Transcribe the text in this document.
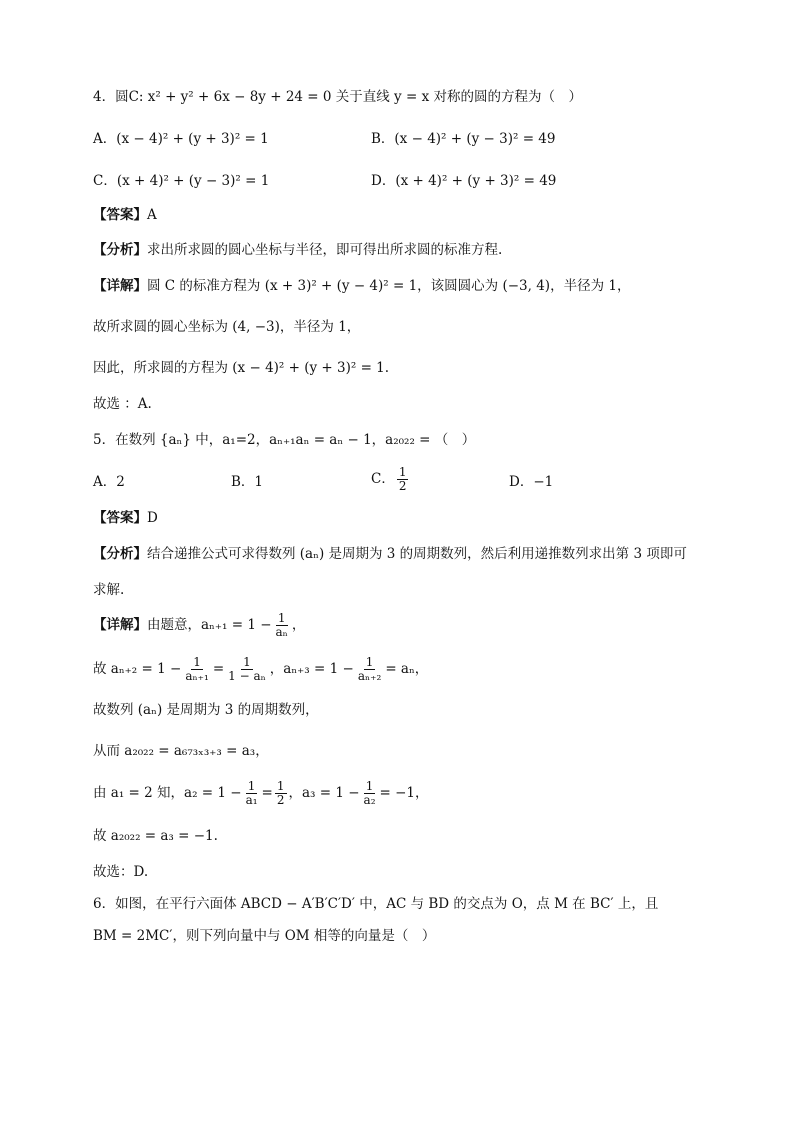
4．圆C: x² + y² + 6x − 8y + 24 = 0 关于直线 y = x 对称的圆的方程为（　）
A．(x − 4)² + (y + 3)² = 1	B．(x − 4)² + (y − 3)² = 49
C．(x + 4)² + (y − 3)² = 1	D．(x + 4)² + (y + 3)² = 49
【答案】A
【分析】求出所求圆的圆心坐标与半径，即可得出所求圆的标准方程.
【详解】圆 C 的标准方程为 (x + 3)² + (y − 4)² = 1，该圆圆心为 (−3, 4)，半径为 1，
故所求圆的圆心坐标为 (4, −3)，半径为 1，
因此，所求圆的方程为 (x − 4)² + (y + 3)² = 1.
故选 ：A.
5．在数列 {aₙ} 中，a₁=2，aₙ₊₁aₙ = aₙ − 1，a₂₀₂₂ = （　）
A．2	B．1	C． $\frac{1}{2}$	D．−1
【答案】D
【分析】结合递推公式可求得数列 (aₙ) 是周期为 3 的周期数列，然后利用递推数列求出第 3 项即可
求解.
【详解】由题意，$a_{n+1} = 1 - \frac{1}{\text{aₙ}}$ ，
故 $a_{n+2} = 1 - \frac{1}{\text{aₙ₊₁}} = \frac{1}{\text{1 − aₙ}}$ ，$a_{n+3} = 1 - \frac{1}{\text{aₙ₊₂}} = a_n$，
故数列 (aₙ) 是周期为 3 的周期数列，
从而 a₂₀₂₂ = a₆₇₃ₓ₃₊₃ = a₃，
由 a₁ = 2 知，$a_2 = 1 - \frac{1}{\text{a₁}} = \frac{1}{2}$ ，$a_3 = 1 - \frac{1}{\text{a₂}} = -1$，
故 a₂₀₂₂ = a₃ = −1.
故选：D.
6．如图，在平行六面体 ABCD − A′B′C′D′ 中，AC 与 BD 的交点为 O，点 M 在 BC′ 上，且
BM = 2MC′，则下列向量中与 OM 相等的向量是（　）
